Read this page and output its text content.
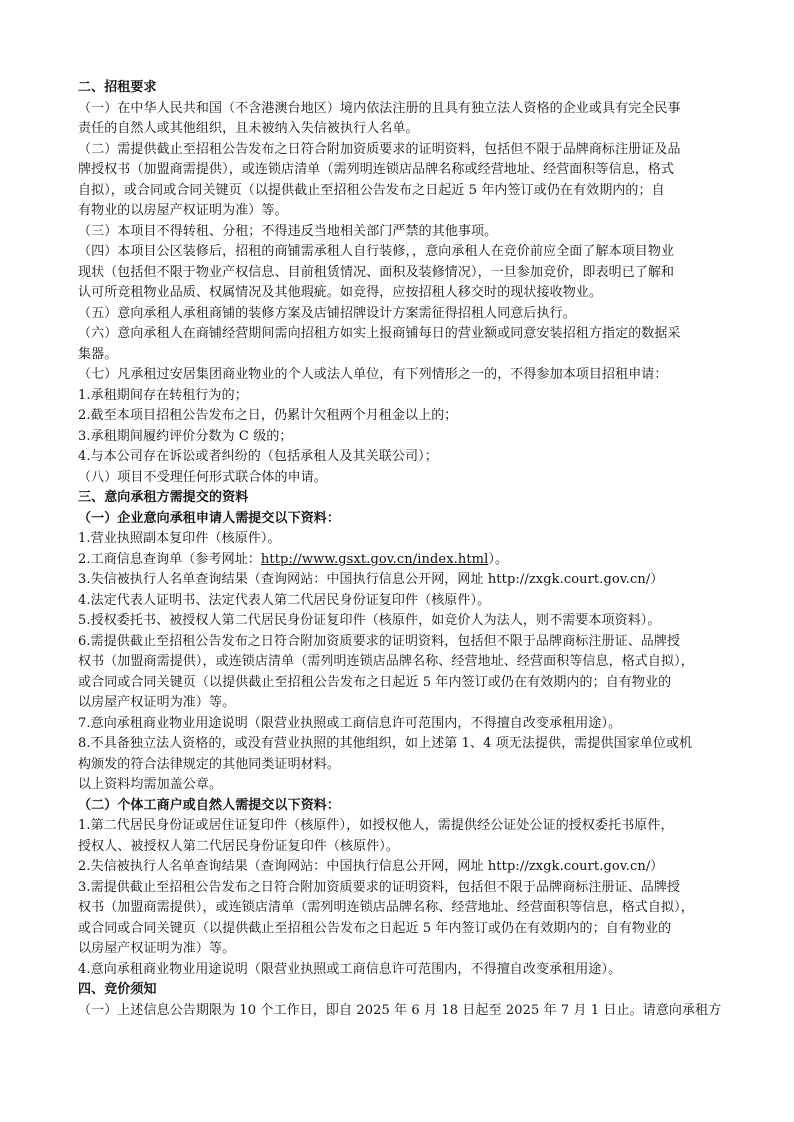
二、招租要求
（一）在中华人民共和国（不含港澳台地区）境内依法注册的且具有独立法人资格的企业或具有完全民事
责任的自然人或其他组织，且未被纳入失信被执行人名单。
（二）需提供截止至招租公告发布之日符合附加资质要求的证明资料，包括但不限于品牌商标注册证及品
牌授权书（加盟商需提供），或连锁店清单（需列明连锁店品牌名称或经营地址、经营面积等信息，格式
自拟），或合同或合同关键页（以提供截止至招租公告发布之日起近 5 年内签订或仍在有效期内的；自
有物业的以房屋产权证明为准）等。
（三）本项目不得转租、分租；不得违反当地相关部门严禁的其他事项。
（四）本项目公区装修后，招租的商铺需承租人自行装修，，意向承租人在竞价前应全面了解本项目物业
现状（包括但不限于物业产权信息、目前租赁情况、面积及装修情况），一旦参加竞价，即表明已了解和
认可所竞租物业品质、权属情况及其他瑕疵。如竞得，应按招租人移交时的现状接收物业。
（五）意向承租人承租商铺的装修方案及店铺招牌设计方案需征得招租人同意后执行。
（六）意向承租人在商铺经营期间需向招租方如实上报商铺每日的营业额或同意安装招租方指定的数据采
集器。
（七）凡承租过安居集团商业物业的个人或法人单位，有下列情形之一的，不得参加本项目招租申请：
1.承租期间存在转租行为的；
2.截至本项目招租公告发布之日，仍累计欠租两个月租金以上的；
3.承租期间履约评价分数为 C 级的；
4.与本公司存在诉讼或者纠纷的（包括承租人及其关联公司）；
（八）项目不受理任何形式联合体的申请。
三、意向承租方需提交的资料
（一）企业意向承租申请人需提交以下资料：
1.营业执照副本复印件（核原件）。
2.工商信息查询单（参考网址：http://www.gsxt.gov.cn/index.html）。
3.失信被执行人名单查询结果（查询网站：中国执行信息公开网，网址 http://zxgk.court.gov.cn/）
4.法定代表人证明书、法定代表人第二代居民身份证复印件（核原件）。
5.授权委托书、被授权人第二代居民身份证复印件（核原件，如竞价人为法人，则不需要本项资料）。
6.需提供截止至招租公告发布之日符合附加资质要求的证明资料，包括但不限于品牌商标注册证、品牌授
权书（加盟商需提供），或连锁店清单（需列明连锁店品牌名称、经营地址、经营面积等信息，格式自拟），
或合同或合同关键页（以提供截止至招租公告发布之日起近 5 年内签订或仍在有效期内的；自有物业的
以房屋产权证明为准）等。
7.意向承租商业物业用途说明（限营业执照或工商信息许可范围内，不得擅自改变承租用途）。
8.不具备独立法人资格的，或没有营业执照的其他组织，如上述第 1、4 项无法提供，需提供国家单位或机
构颁发的符合法律规定的其他同类证明材料。
以上资料均需加盖公章。
（二）个体工商户或自然人需提交以下资料：
1.第二代居民身份证或居住证复印件（核原件），如授权他人，需提供经公证处公证的授权委托书原件，
授权人、被授权人第二代居民身份证复印件（核原件）。
2.失信被执行人名单查询结果（查询网站：中国执行信息公开网，网址 http://zxgk.court.gov.cn/）
3.需提供截止至招租公告发布之日符合附加资质要求的证明资料，包括但不限于品牌商标注册证、品牌授
权书（加盟商需提供），或连锁店清单（需列明连锁店品牌名称、经营地址、经营面积等信息，格式自拟），
或合同或合同关键页（以提供截止至招租公告发布之日起近 5 年内签订或仍在有效期内的；自有物业的
以房屋产权证明为准）等。
4.意向承租商业物业用途说明（限营业执照或工商信息许可范围内，不得擅自改变承租用途）。
四、竞价须知
（一）上述信息公告期限为 10 个工作日，即自 2025 年 6 月 18 日起至 2025 年 7 月 1 日止。请意向承租方
